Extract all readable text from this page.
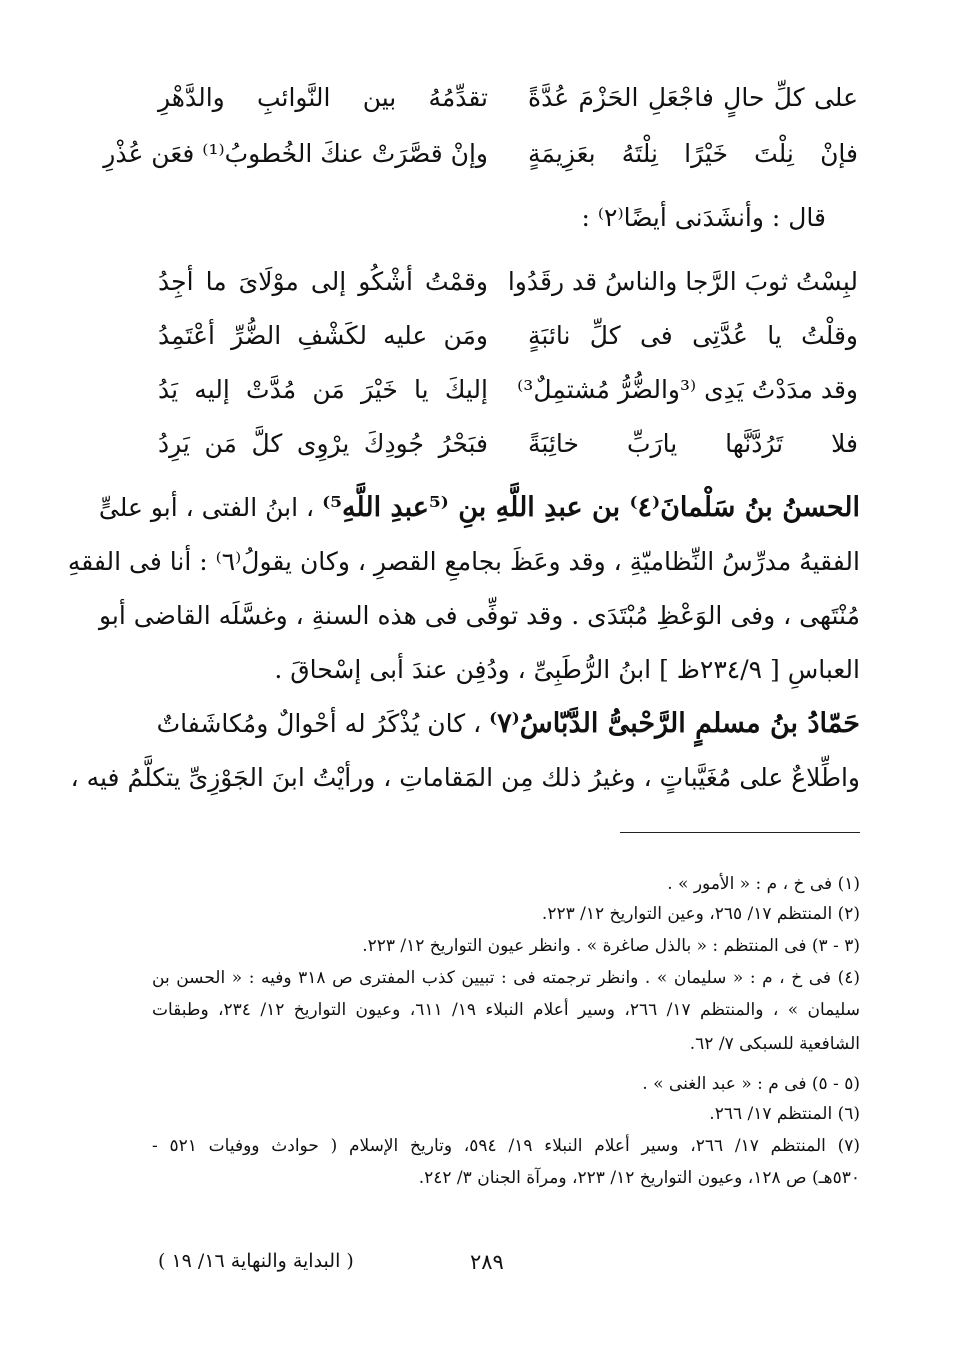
على كلِّ حالٍ فاجْعَلِ الحَزْمَ عُدَّةً
تقدِّمُهُ بين النَّوائبِ والدَّهْرِ
فإنْ نِلْتَ خَيْرًا نِلْتَهُ بعَزِيمَةٍ
وإنْ قصَّرَتْ عنكَ الخُطوبُ⁽¹⁾ فعَن عُذْرِ
قال : وأنشَدَنى أيضًا⁽٢⁾ :
لبِسْتُ ثوبَ الرَّجا والناسُ قد رقَدُوا
وقمْتُ أشْكُو إلى موْلَاىَ ما أجِدُ
وقلْتُ يا عُدَّتِى فى كلِّ نائبَةٍ
ومَن عليه لكَشْفِ الضُّرِّ أعْتَمِدُ
وقد مدَدْتُ يَدِى ⁽³والضُّرُّ مُشتمِلٌ³⁾
إليكَ يا خَيْرَ مَن مُدَّتْ إليه يَدُ
فلا تَرُدَّنَّها يارَبِّ خائِبَةً
فبَحْرُ جُودِكَ يرْوِى كلَّ مَن يَرِدُ
الحسنُ بنُ سَلْمانَ⁽٤⁾ بن عبدِ اللَّهِ بنِ ⁽⁵عبدِ اللَّهِ⁵⁾ ، ابنُ الفتى ، أبو علىٍّ
الفقيهُ مدرِّسُ النِّظاميّةِ ، وقد وعَظَ بجامعِ القصرِ ، وكان يقولُ⁽٦⁾ : أنا فى الفقهِ
مُنْتَهى ، وفى الوَعْظِ مُبْتَدَى . وقد توفِّى فى هذه السنةِ ، وغسَّلَه القاضى أبو
العباسِ [ ٢٣٤/٩ظ ] ابنُ الرُّطَبِىِّ ، ودُفِن عندَ أبى إسْحاقَ .
حَمّادُ بنُ مسلمٍ الرَّحْبىُّ الدَّبّاسُ⁽٧⁾ ، كان يُذْكَرُ له أحْوالٌ ومُكاشَفاتٌ
واطِّلاعٌ على مُغَيَّباتٍ ، وغيرُ ذلك مِن المَقاماتِ ، ورأيْتُ ابنَ الجَوْزِىِّ يتكلَّمُ فيه ،
(١) فى خ ، م : « الأمور » .
(٢) المنتظم ١٧/ ٢٦٥، وعين التواريخ ١٢/ ٢٢٣.
(٣ - ٣) فى المنتظم : « بالذل صاغرة » . وانظر عيون التواريخ ١٢/ ٢٢٣.
(٤) فى خ ، م : « سليمان » . وانظر ترجمته فى : تبيين كذب المفترى ص ٣١٨ وفيه : « الحسن بن
سليمان » ، والمنتظم ١٧/ ٢٦٦، وسير أعلام النبلاء ١٩/ ٦١١، وعيون التواريخ ١٢/ ٢٣٤، وطبقات
الشافعية للسبكى ٧/ ٦٢.
(٥ - ٥) فى م : « عبد الغنى » .
(٦) المنتظم ١٧/ ٢٦٦.
(٧) المنتظم ١٧/ ٢٦٦، وسير أعلام النبلاء ١٩/ ٥٩٤، وتاريخ الإسلام ( حوادث ووفيات ٥٢١ -
٥٣٠هـ) ص ١٢٨، وعيون التواريخ ١٢/ ٢٢٣، ومرآة الجنان ٣/ ٢٤٢.
٢٨٩
( البداية والنهاية ١٦/ ١٩ )
